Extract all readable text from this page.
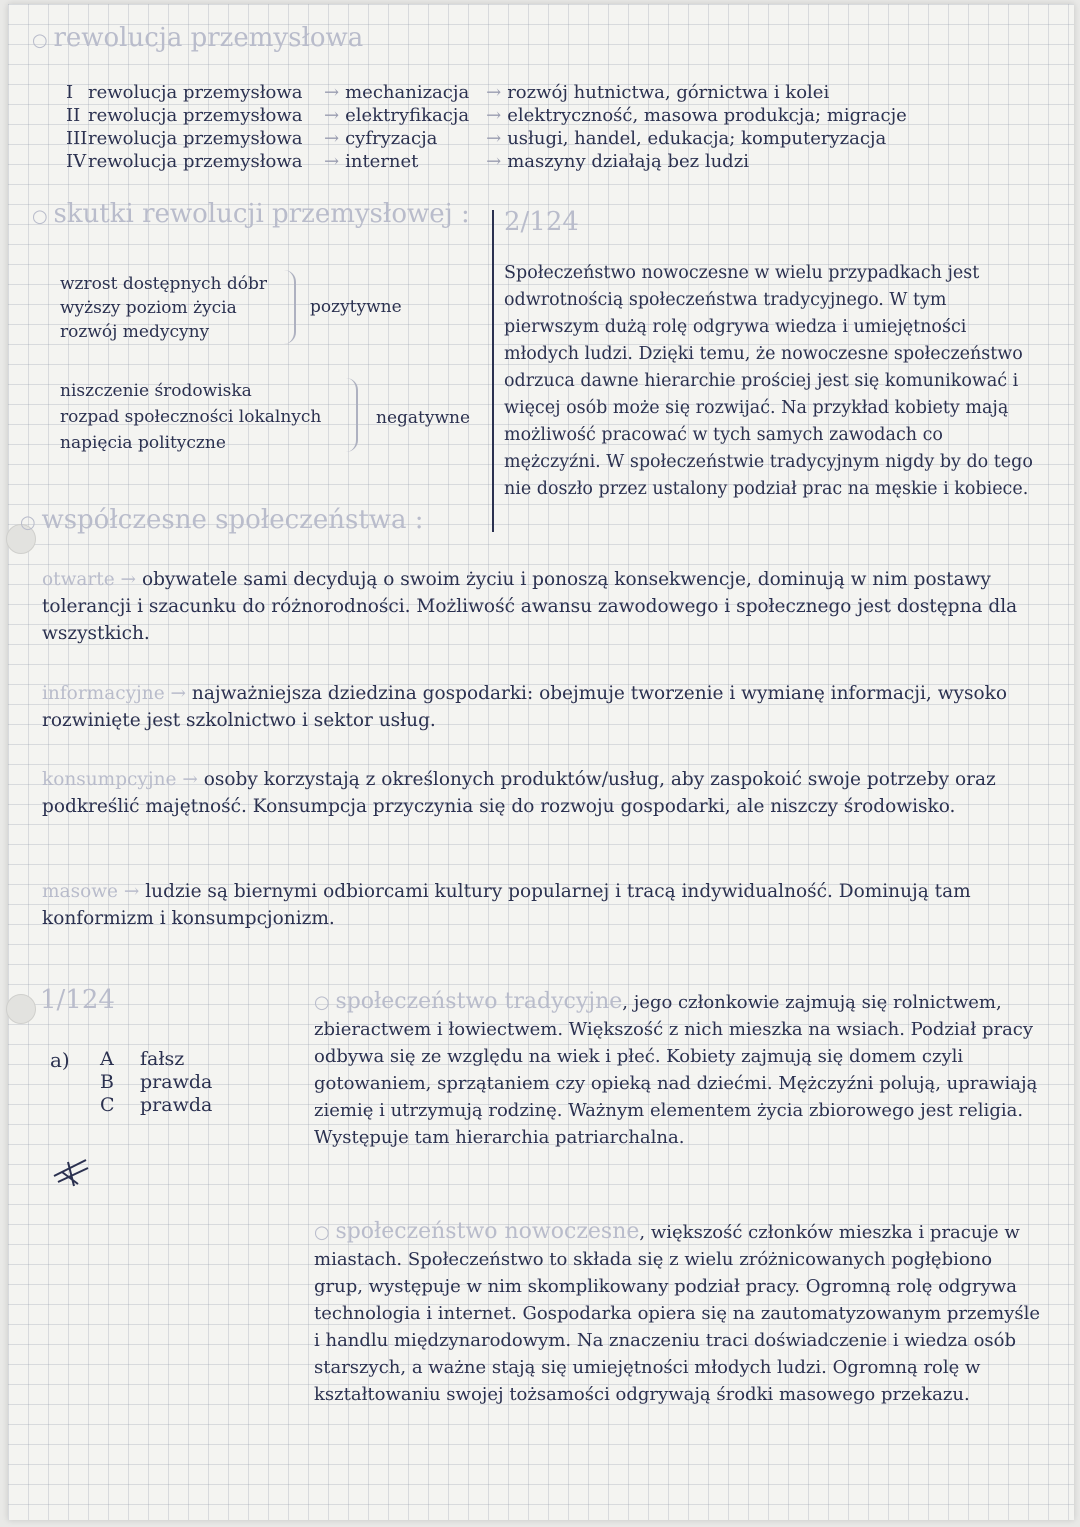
○ rewolucja przemysłowa
I rewolucja przemysłowa → mechanizacja → rozwój hutnictwa, górnictwa i kolei
II rewolucja przemysłowa → elektryfikacja → elektryczność, masowa produkcja; migracje
IIIrewolucja przemysłowa → cyfryzacja	→ usługi, handel, edukacja; komputeryzacja
IV rewolucja przemysłowa → internet	→ maszyny działają bez ludzi
○ skutki rewolucji przemysłowej :
wzrost dostępnych dóbr
wyższy poziom życia
rozwój medycyny
pozytywne
niszczenie środowiska
rozpad społeczności lokalnych
napięcia polityczne
negatywne
2/124
Społeczeństwo nowoczesne w wielu przypadkach jest odwrotnością społeczeństwa tradycyjnego. W tym pierwszym dużą rolę odgrywa wiedza i umiejętności młodych ludzi. Dzięki temu, że nowoczesne społeczeństwo odrzuca dawne hierarchie prościej jest się komunikować i więcej osób może się rozwijać. Na przykład kobiety mają możliwość pracować w tych samych zawodach co mężczyźni. W społeczeństwie tradycyjnym nigdy by do tego nie doszło przez ustalony podział prac na męskie i kobiece.
○ współczesne społeczeństwa :
otwarte → obywatele sami decydują o swoim życiu i ponoszą konsekwencje, dominują w nim postawy tolerancji i szacunku do różnorodności. Możliwość awansu zawodowego i społecznego jest dostępna dla wszystkich.
informacyjne → najważniejsza dziedzina gospodarki: obejmuje tworzenie i wymianę informacji, wysoko rozwinięte jest szkolnictwo i sektor usług.
konsumpcyjne → osoby korzystają z określonych produktów/usług, aby zaspokoić swoje potrzeby oraz podkreślić majętność. Konsumpcja przyczynia się do rozwoju gospodarki, ale niszczy środowisko.
masowe → ludzie są biernymi odbiorcami kultury popularnej i tracą indywidualność. Dominują tam konformizm i konsumpcjonizm.
1/124
a) A fałsz
B prawda
C prawda
○ społeczeństwo tradycyjne, jego członkowie zajmują się rolnictwem, zbieractwem i łowiectwem. Większość z nich mieszka na wsiach. Podział pracy odbywa się ze względu na wiek i płeć. Kobiety zajmują się domem czyli gotowaniem, sprzątaniem czy opieką nad dziećmi. Mężczyźni polują, uprawiają ziemię i utrzymują rodzinę. Ważnym elementem życia zbiorowego jest religia. Występuje tam hierarchia patriarchalna.
○ społeczeństwo nowoczesne, większość członków mieszka i pracuje w miastach. Społeczeństwo to składa się z wielu zróżnicowanych pogłębiono grup, występuje w nim skomplikowany podział pracy. Ogromną rolę odgrywa technologia i internet. Gospodarka opiera się na zautomatyzowanym przemyśle i handlu międzynarodowym. Na znaczeniu traci doświadczenie i wiedza osób starszych, a ważne stają się umiejętności młodych ludzi. Ogromną rolę w kształtowaniu swojej tożsamości odgrywają środki masowego przekazu.
